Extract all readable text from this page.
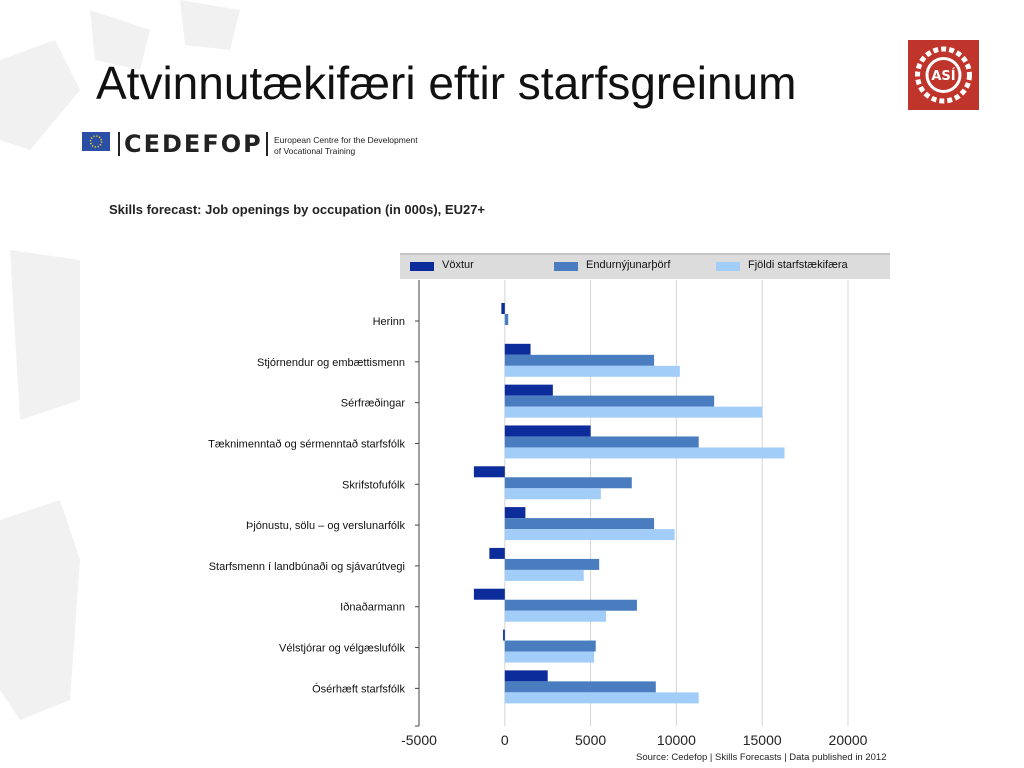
Atvinnutækifæri eftir starfsgreinum	ASÍ
CEDEFOP European Centre for the Development
of Vocational Training
Skills forecast: Job openings by occupation (in 000s), EU27+
-5000	0	5000	10000	15000	20000
Herinn
Stjórnendur og embættismenn
Sérfræðingar
Tæknimenntað og sérmenntað starfsfólk
Skrifstofufólk
Þjónustu, sölu – og verslunarfólk
Starfsmenn í landbúnaði og sjávarútvegi
Iðnaðarmann
Vélstjórar og vélgæslufólk
Ósérhæft starfsfólk
Vöxtur	Endurnýjunarþörf	Fjöldi starfstækifæra
Source: Cedefop | Skills Forecasts | Data published in 2012
